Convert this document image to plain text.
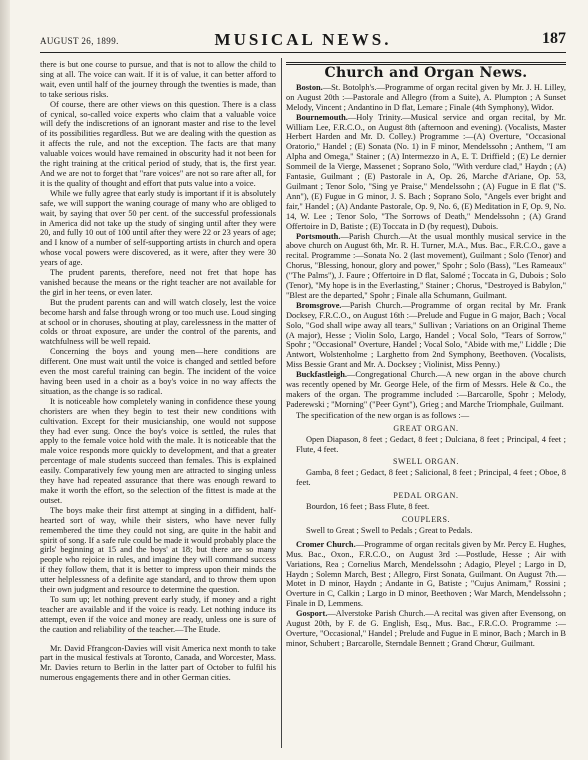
AUGUST 26, 1899.	MUSICAL NEWS.	187

there is but one course to pursue, and that is not to allow the child to sing at all. The voice can wait. If it is of value, it can better afford to wait, even until half of the journey through the twenties is made, than to take serious risks.

Of course, there are other views on this question. There is a class of cynical, so-called voice experts who claim that a valuable voice will defy the indiscretions of an ignorant master and rise to the level of its possibilities regardless. But we are dealing with the question as it affects the rule, and not the exception. The facts are that many valuable voices would have remained in obscurity had it not been for the right training at the critical period of study, that is, the first year. And we are not to forget that "rare voices" are not so rare after all, for it is the quality of thought and effort that puts value into a voice.

While we fully agree that early study is important if it is absolutely safe, we will support the waning courage of many who are obliged to wait, by saying that over 50 per cent. of the successful professionals in America did not take up the study of singing until after they were 20, and fully 10 out of 100 until after they were 22 or 23 years of age; and I know of a number of self-supporting artists in church and opera whose vocal powers were discovered, as it were, after they were 30 years of age.

The prudent parents, therefore, need not fret that hope has vanished because the means or the right teacher are not available for the girl in her teens, or even later.

But the prudent parents can and will watch closely, lest the voice become harsh and false through wrong or too much use. Loud singing at school or in choruses, shouting at play, carelessness in the matter of colds or throat exposure, are under the control of the parents, and watchfulness will be well repaid.

Concerning the boys and young men—here conditions are different. One must wait until the voice is changed and settled before even the most careful training can begin. The incident of the voice having been used in a choir as a boy's voice in no way affects the situation, as the change is so radical.

It is noticeable how completely waning in confidence these young choristers are when they begin to test their new conditions with cultivation. Except for their musicianship, one would not suppose they had ever sung. Once the boy's voice is settled, the rules that apply to the female voice hold with the male. It is noticeable that the male voice responds more quickly to development, and that a greater percentage of male students succeed than females. This is explained easily. Comparatively few young men are attracted to singing unless they have had repeated assurance that there was enough reward to make it worth the effort, so the selection of the fittest is made at the outset.

The boys make their first attempt at singing in a diffident, half-hearted sort of way, while their sisters, who have never fully remembered the time they could not sing, are quite in the habit and spirit of song. If a safe rule could be made it would probably place the girls' beginning at 15 and the boys' at 18; but there are so many people who rejoice in rules, and imagine they will command success if they follow them, that it is better to impress upon their minds the utter helplessness of a definite age standard, and to throw them upon their own judgment and resource to determine the question.

To sum up; let nothing prevent early study, if money and a right teacher are available and if the voice is ready. Let nothing induce its attempt, even if the voice and money are ready, unless one is sure of the caution and reliability of the teacher.—The Etude.

Mr. David Ffrangcon-Davies will visit America next month to take part in the musical festivals at Toronto, Canada, and Worcester, Mass. Mr. Davies return to Berlin in the latter part of October to fulfil his numerous engagements there and in other German cities.

Church and Organ News.

Boston.—St. Botolph's.—Programme of organ recital given by Mr. J. H. Lilley, on August 20th :—Pastorale and Allegro (from a Suite), A. Plumpton ; A Sunset Melody, Vincent ; Andantino in D flat, Lemare ; Finale (4th Symphony), Widor.

Bournemouth.—Holy Trinity.—Musical service and organ recital, by Mr. William Lee, F.R.C.O., on August 8th (afternoon and evening). (Vocalists, Master Herbert Harden and Mr. D. Colley.) Programme :—(A) Overture, "Occasional Oratorio," Handel ; (E) Sonata (No. 1) in F minor, Mendelssohn ; Anthem, "I am Alpha and Omega," Stainer ; (A) Intermezzo in A, E. T. Driffield ; (E) Le dernier Sommeil de la Vierge, Massenet ; Soprano Solo, "With verdure clad," Haydn ; (A) Fantasie, Guilmant ; (E) Pastorale in A, Op. 26, Marche d'Ariane, Op. 53, Guilmant ; Tenor Solo, "Sing ye Praise," Mendelssohn ; (A) Fugue in E flat ("S. Ann"), (E) Fugue in G minor, J. S. Bach ; Soprano Solo, "Angels ever bright and fair," Handel ; (A) Andante Pastorale, Op. 9, No. 6, (E) Meditation in F, Op. 9, No. 14, W. Lee ; Tenor Solo, "The Sorrows of Death," Mendelssohn ; (A) Grand Offertoire in D, Batiste ; (E) Toccata in D (by request), Dubois.

Portsmouth.—Parish Church.—At the usual monthly musical service in the above church on August 6th, Mr. R. H. Turner, M.A., Mus. Bac., F.R.C.O., gave a recital. Programme :—Sonata No. 2 (last movement), Guilmant ; Solo (Tenor) and Chorus, "Blessing, honour, glory and power," Spohr ; Solo (Bass), "Les Rameaux" ("The Palms"), J. Faure ; Offertoire in D flat, Salomé ; Toccata in G, Dubois ; Solo (Tenor), "My hope is in the Everlasting," Stainer ; Chorus, "Destroyed is Babylon," "Blest are the departed," Spohr ; Finale alla Schumann, Guilmant.

Bromsgrove.—Parish Church.—Programme of organ recital by Mr. Frank Docksey, F.R.C.O., on August 16th :—Prelude and Fugue in G major, Bach ; Vocal Solo, "God shall wipe away all tears," Sullivan ; Variations on an Original Theme (A major), Hesse ; Violin Solo, Largo, Handel ; Vocal Solo, "Tears of Sorrow," Spohr ; "Occasional" Overture, Handel ; Vocal Solo, "Abide with me," Liddle ; Die Antwort, Wolstenholme ; Larghetto from 2nd Symphony, Beethoven. (Vocalists, Miss Bessie Grant and Mr. A. Docksey ; Violinist, Miss Penny.)

Buckfastleigh.—Congregational Church.—A new organ in the above church was recently opened by Mr. George Hele, of the firm of Messrs. Hele & Co., the makers of the organ. The programme included :—Barcarolle, Spohr ; Melody, Paderewski ; "Morning" ("Peer Gynt"), Grieg ; and Marche Triomphale, Guilmant.

The specification of the new organ is as follows :—

GREAT ORGAN.

Open Diapason, 8 feet ; Gedact, 8 feet ; Dulciana, 8 feet ; Principal, 4 feet ; Flute, 4 feet.

SWELL ORGAN.

Gamba, 8 feet ; Gedact, 8 feet ; Salicional, 8 feet ; Principal, 4 feet ; Oboe, 8 feet.

PEDAL ORGAN.

Bourdon, 16 feet ; Bass Flute, 8 feet.

COUPLERS.

Swell to Great ; Swell to Pedals ; Great to Pedals.

Cromer Church.—Programme of organ recitals given by Mr. Percy E. Hughes, Mus. Bac., Oxon., F.R.C.O., on August 3rd :—Postlude, Hesse ; Air with Variations, Rea ; Cornelius March, Mendelssohn ; Adagio, Pleyel ; Largo in D, Haydn ; Solemn March, Best ; Allegro, First Sonata, Guilmant. On August 7th.—Motet in D minor, Haydn ; Andante in G, Batiste ; "Cujus Animam," Rossini ; Overture in C, Calkin ; Largo in D minor, Beethoven ; War March, Mendelssohn ; Finale in D, Lemmens.

Gosport.—Alverstoke Parish Church.—A recital was given after Evensong, on August 20th, by F. de G. English, Esq., Mus. Bac., F.R.C.O. Programme :—Overture, "Occasional," Handel ; Prelude and Fugue in E minor, Bach ; March in B minor, Schubert ; Barcarolle, Sterndale Bennett ; Grand Chœur, Guilmant.
